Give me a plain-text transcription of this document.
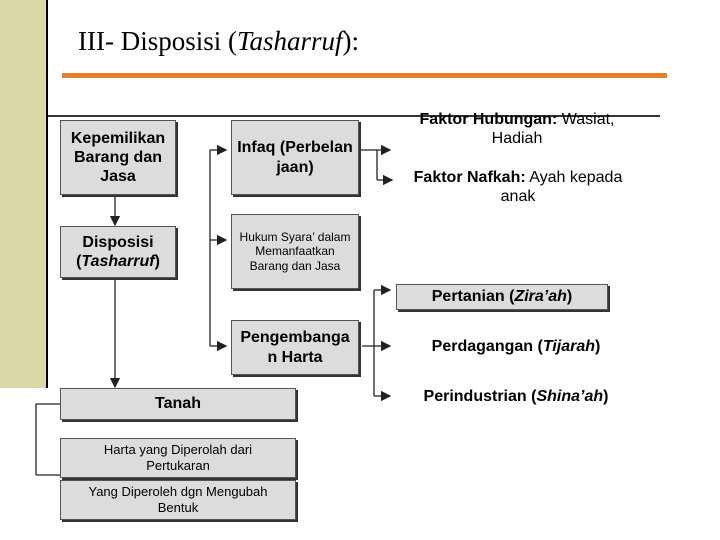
III- Disposisi (Tasharruf):
Kepemilikan Barang dan Jasa
Disposisi (Tasharruf)
Infaq (Perbelanjaan)
Hukum Syara’ dalam Memanfaatkan Barang dan Jasa
Pengembangan Harta
Tanah
Harta yang Diperolah dari Pertukaran
Yang Diperoleh dgn Mengubah Bentuk
Faktor Hubungan: Wasiat, Hadiah
Faktor Nafkah: Ayah kepada anak
Pertanian (Zira’ah)
Perdagangan (Tijarah)
Perindustrian (Shina’ah)
